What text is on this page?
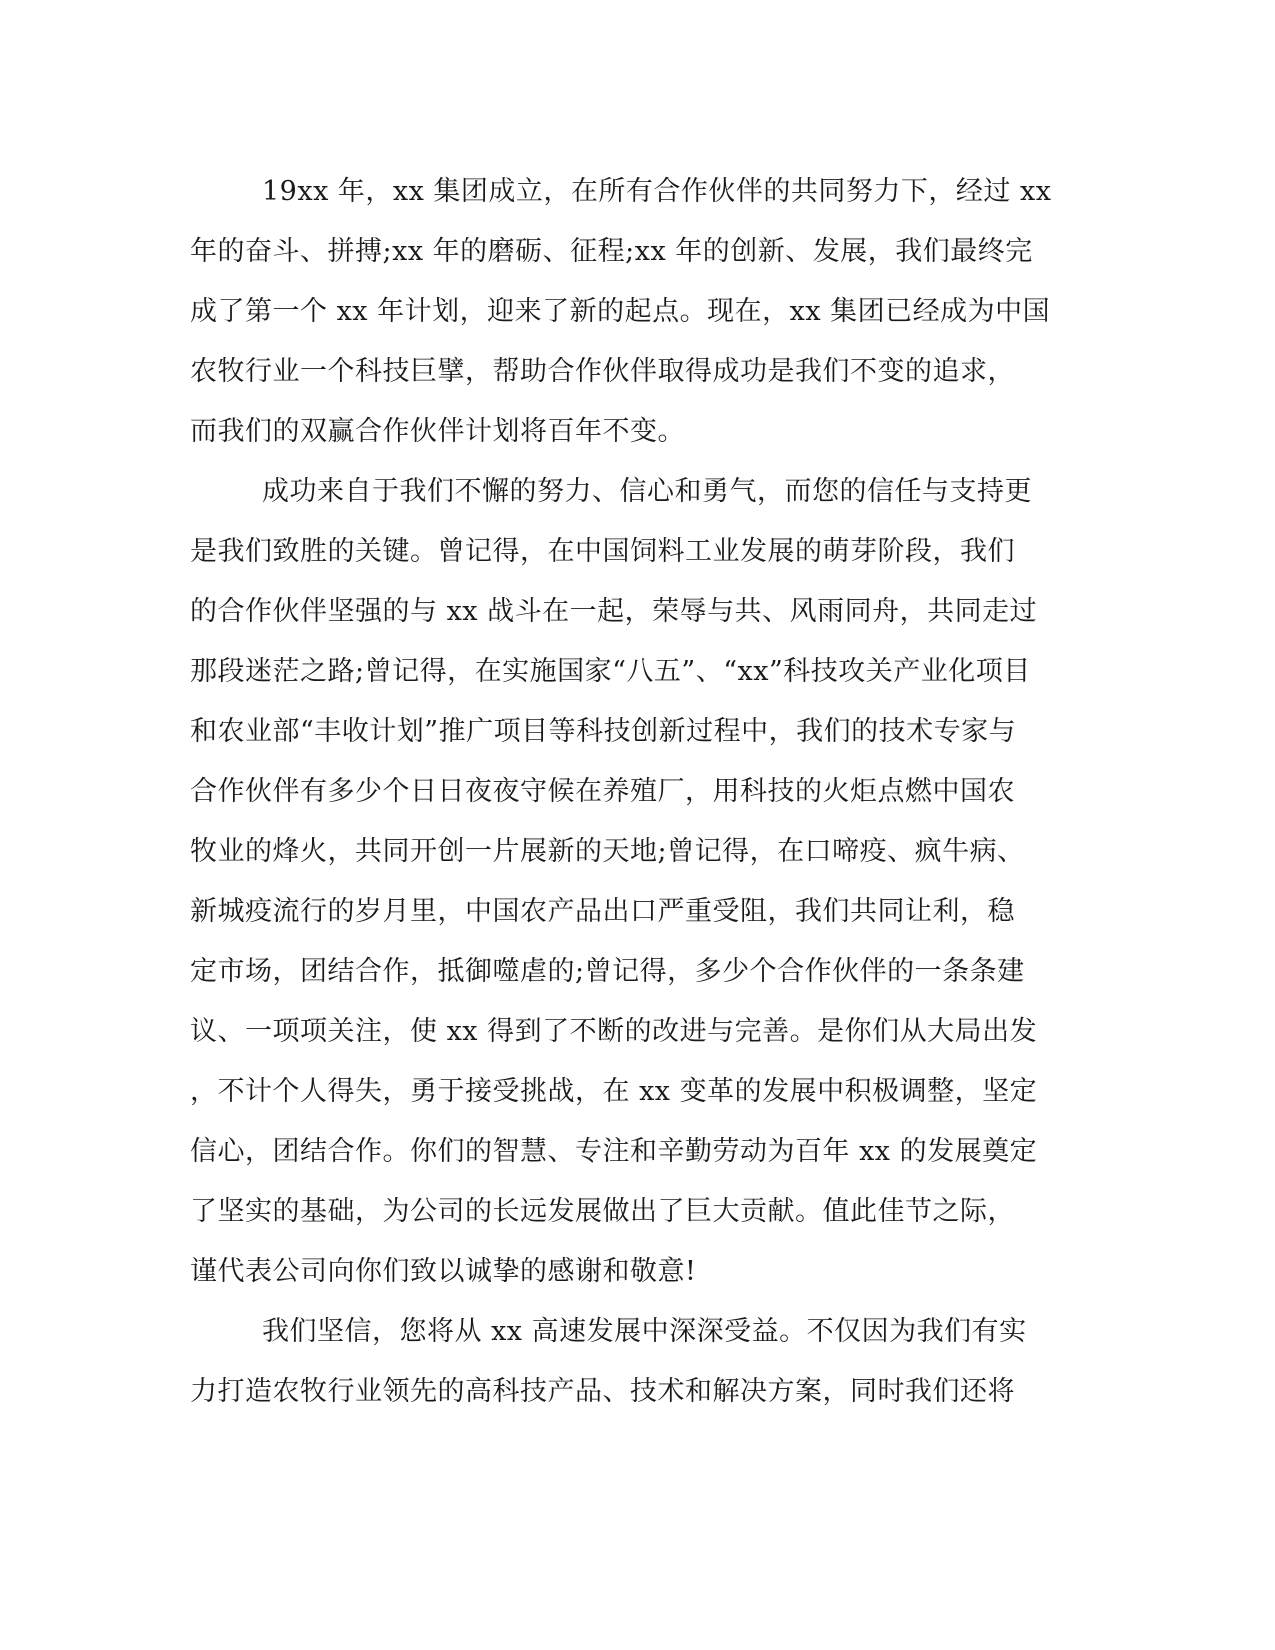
19xx 年，xx 集团成立，在所有合作伙伴的共同努力下，经过 xx
年的奋斗、拼搏;xx 年的磨砺、征程;xx 年的创新、发展，我们最终完
成了第一个 xx 年计划，迎来了新的起点。现在，xx 集团已经成为中国
农牧行业一个科技巨擘，帮助合作伙伴取得成功是我们不变的追求，
而我们的双赢合作伙伴计划将百年不变。
成功来自于我们不懈的努力、信心和勇气，而您的信任与支持更
是我们致胜的关键。曾记得，在中国饲料工业发展的萌芽阶段，我们
的合作伙伴坚强的与 xx 战斗在一起，荣辱与共、风雨同舟，共同走过
那段迷茫之路;曾记得，在实施国家“八五”、“xx”科技攻关产业化项目
和农业部“丰收计划”推广项目等科技创新过程中，我们的技术专家与
合作伙伴有多少个日日夜夜守候在养殖厂，用科技的火炬点燃中国农
牧业的烽火，共同开创一片展新的天地;曾记得，在口啼疫、疯牛病、
新城疫流行的岁月里，中国农产品出口严重受阻，我们共同让利，稳
定市场，团结合作，抵御噬虐的;曾记得，多少个合作伙伴的一条条建
议、一项项关注，使 xx 得到了不断的改进与完善。是你们从大局出发
，不计个人得失，勇于接受挑战，在 xx 变革的发展中积极调整，坚定
信心，团结合作。你们的智慧、专注和辛勤劳动为百年 xx 的发展奠定
了坚实的基础，为公司的长远发展做出了巨大贡献。值此佳节之际，
谨代表公司向你们致以诚挚的感谢和敬意!
我们坚信，您将从 xx 高速发展中深深受益。不仅因为我们有实
力打造农牧行业领先的高科技产品、技术和解决方案，同时我们还将
